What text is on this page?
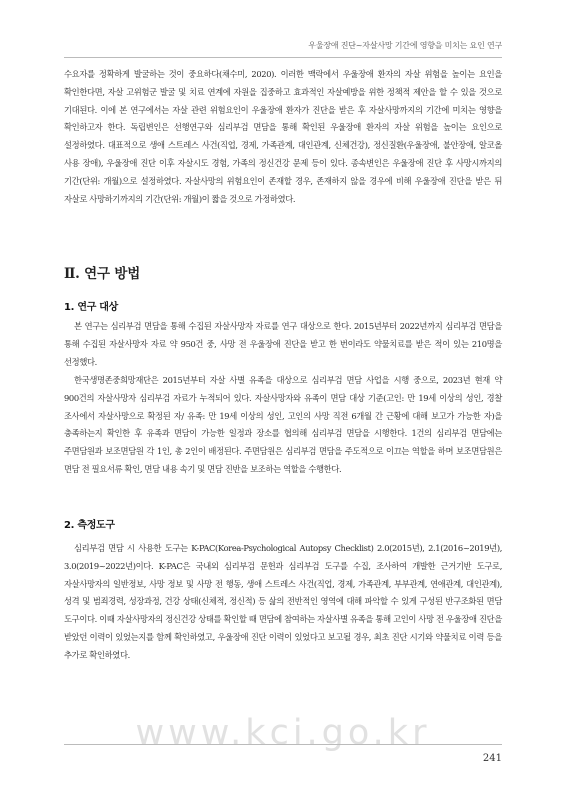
우울장애 진단~자살사망 기간에 영향을 미치는 요인 연구

수요자를 정확하게 발굴하는 것이 중요하다(채수미, 2020). 이러한 맥락에서 우울장애 환자의 자살 위험을 높이는 요인을 확인한다면, 자살 고위험군 발굴 및 치료 연계에 자원을 집중하고 효과적인 자살예방을 위한 정책적 제안을 할 수 있을 것으로 기대된다. 이에 본 연구에서는 자살 관련 위험요인이 우울장애 환자가 진단을 받은 후 자살사망까지의 기간에 미치는 영향을 확인하고자 한다. 독립변인은 선행연구와 심리부검 면담을 통해 확인된 우울장애 환자의 자살 위험을 높이는 요인으로 설정하였다. 대표적으로 생애 스트레스 사건(직업, 경제, 가족관계, 대인관계, 신체건강), 정신질환(우울장애, 불안장애, 알코올 사용 장애), 우울장애 진단 이후 자살시도 경험, 가족의 정신건강 문제 등이 있다. 종속변인은 우울장애 진단 후 사망시까지의 기간(단위: 개월)으로 설정하였다. 자살사망의 위험요인이 존재할 경우, 존재하지 않을 경우에 비해 우울장애 진단을 받은 뒤 자살로 사망하기까지의 기간(단위: 개월)이 짧을 것으로 가정하였다.

Ⅱ. 연구 방법
1. 연구 대상

본 연구는 심리부검 면담을 통해 수집된 자살사망자 자료를 연구 대상으로 한다. 2015년부터 2022년까지 심리부검 면담을 통해 수집된 자살사망자 자료 약 950건 중, 사망 전 우울장애 진단을 받고 한 번이라도 약물치료를 받은 적이 있는 210명을 선정했다.

한국생명존중희망재단은 2015년부터 자살 사별 유족을 대상으로 심리부검 면담 사업을 시행 중으로, 2023년 현재 약 900건의 자살사망자 심리부검 자료가 누적되어 있다. 자살사망자와 유족이 면담 대상 기준(고인: 만 19세 이상의 성인, 경찰 조사에서 자살사망으로 확정된 자/ 유족: 만 19세 이상의 성인, 고인의 사망 직전 6개월 간 근황에 대해 보고가 가능한 자)을 충족하는지 확인한 후 유족과 면담이 가능한 일정과 장소를 협의해 심리부검 면담을 시행한다. 1건의 심리부검 면담에는 주면담원과 보조면담원 각 1인, 총 2인이 배정된다. 주면담원은 심리부검 면담을 주도적으로 이끄는 역할을 하며 보조면담원은 면담 전 필요서류 확인, 면담 내용 속기 및 면담 진반을 보조하는 역할을 수행한다.

2. 측정도구

심리부검 면담 시 사용한 도구는 K-PAC(Korea-Psychological Autopsy Checklist) 2.0(2015년), 2.1(2016~2019년), 3.0(2019~2022년)이다. K-PAC은 국내외 심리부검 문헌과 심리부검 도구를 수집, 조사하여 개발한 근거기반 도구로, 자살사망자의 일반정보, 사망 정보 및 사망 전 행동, 생애 스트레스 사건(직업, 경제, 가족관계, 부부관계, 연애관계, 대인관계), 성격 및 범죄경력, 성장과정, 건강 상태(신체적, 정신적) 등 삶의 전반적인 영역에 대해 파악할 수 있게 구성된 반구조화된 면담 도구이다. 이때 자살사망자의 정신건강 상태를 확인할 때 면담에 참여하는 자살사별 유족을 통해 고인이 사망 전 우울장애 진단을 받았던 이력이 있었는지를 함께 확인하였고, 우울장애 진단 이력이 있었다고 보고될 경우, 최초 진단 시기와 약물치료 이력 등을 추가로 확인하였다.

www.kci.go.kr
241
